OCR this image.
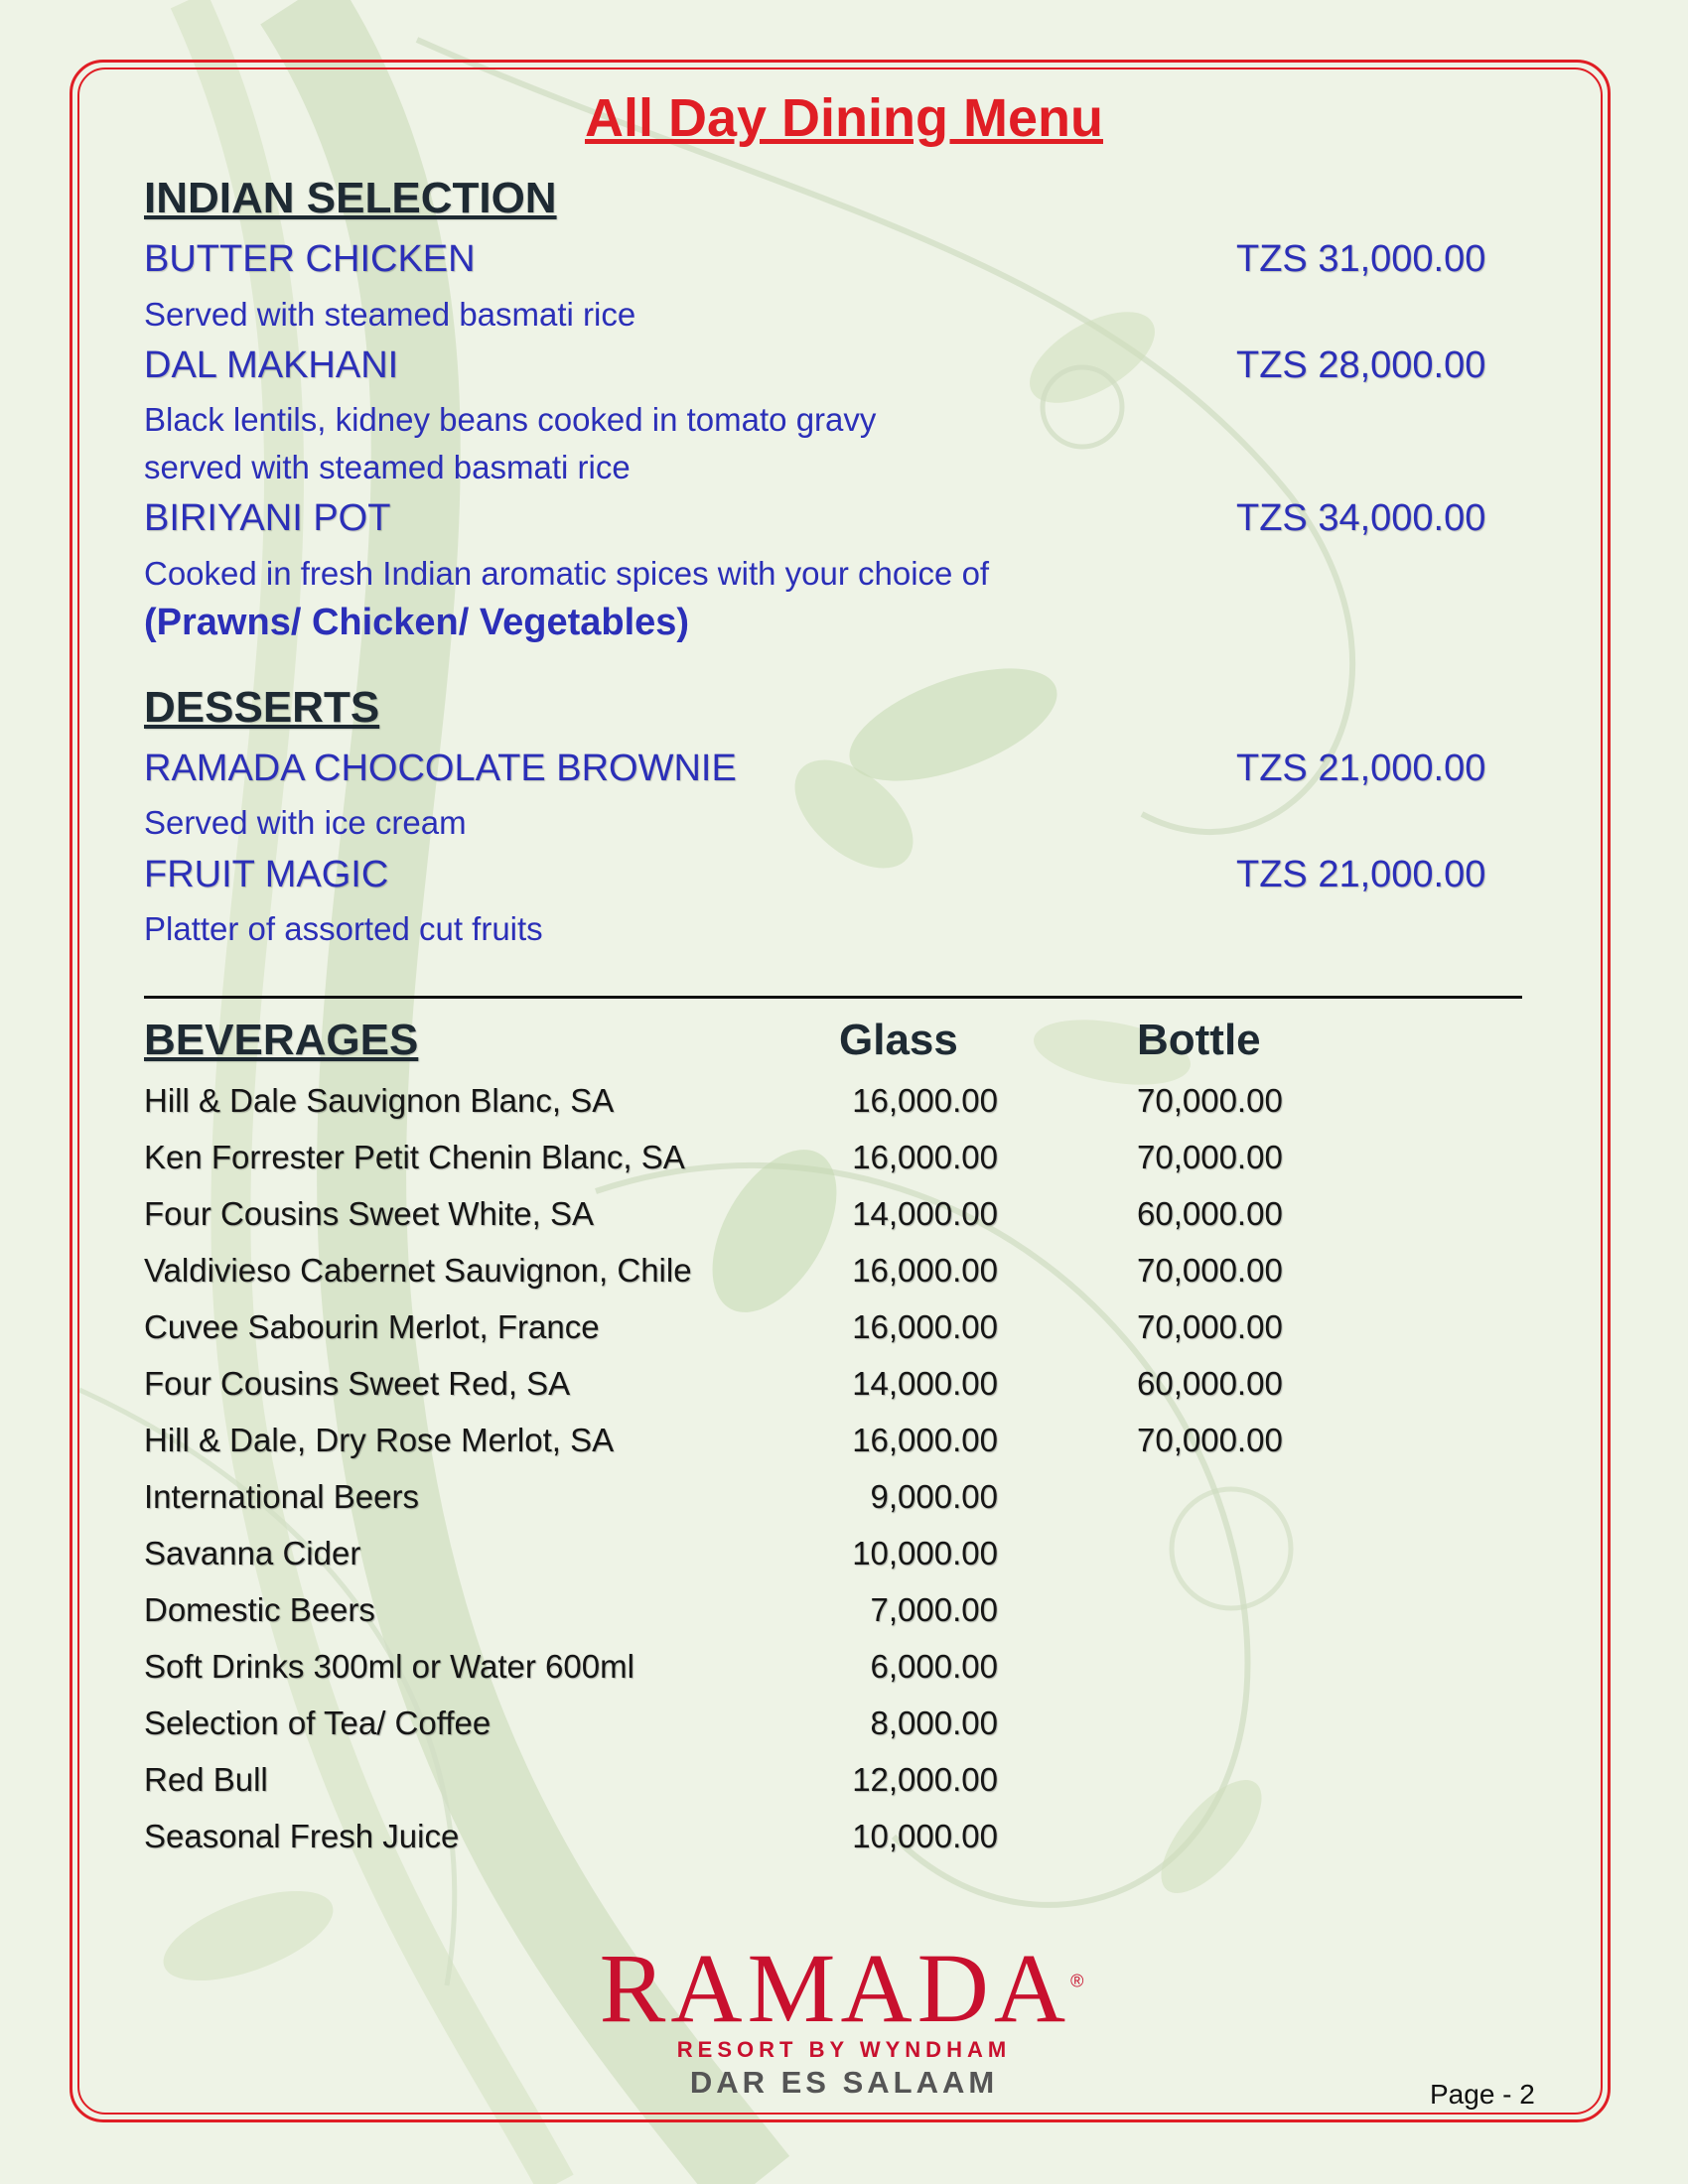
All Day Dining Menu
INDIAN SELECTION
BUTTER CHICKEN	TZS 31,000.00
Served with steamed basmati rice
DAL MAKHANI	TZS 28,000.00
Black lentils, kidney beans cooked in tomato gravy
served with steamed basmati rice
BIRIYANI POT	TZS 34,000.00
Cooked in fresh Indian aromatic spices with your choice of
(Prawns/ Chicken/ Vegetables)
DESSERTS
RAMADA CHOCOLATE BROWNIE	TZS 21,000.00
Served with ice cream
FRUIT MAGIC	TZS 21,000.00
Platter of assorted cut fruits
BEVERAGES	Glass	Bottle
Hill & Dale Sauvignon Blanc, SA	16,000.00	70,000.00
Ken Forrester Petit Chenin Blanc, SA	16,000.00	70,000.00
Four Cousins Sweet White, SA	14,000.00	60,000.00
Valdivieso Cabernet Sauvignon, Chile	16,000.00	70,000.00
Cuvee Sabourin Merlot, France	16,000.00	70,000.00
Four Cousins Sweet Red, SA	14,000.00	60,000.00
Hill & Dale, Dry Rose Merlot, SA	16,000.00	70,000.00
International Beers	9,000.00
Savanna Cider	10,000.00
Domestic Beers	7,000.00
Soft Drinks 300ml or Water 600ml	6,000.00
Selection of Tea/ Coffee	8,000.00
Red Bull	12,000.00
Seasonal Fresh Juice	10,000.00
RAMADA®
RESORT BY WYNDHAM
DAR ES SALAAM	Page - 2
